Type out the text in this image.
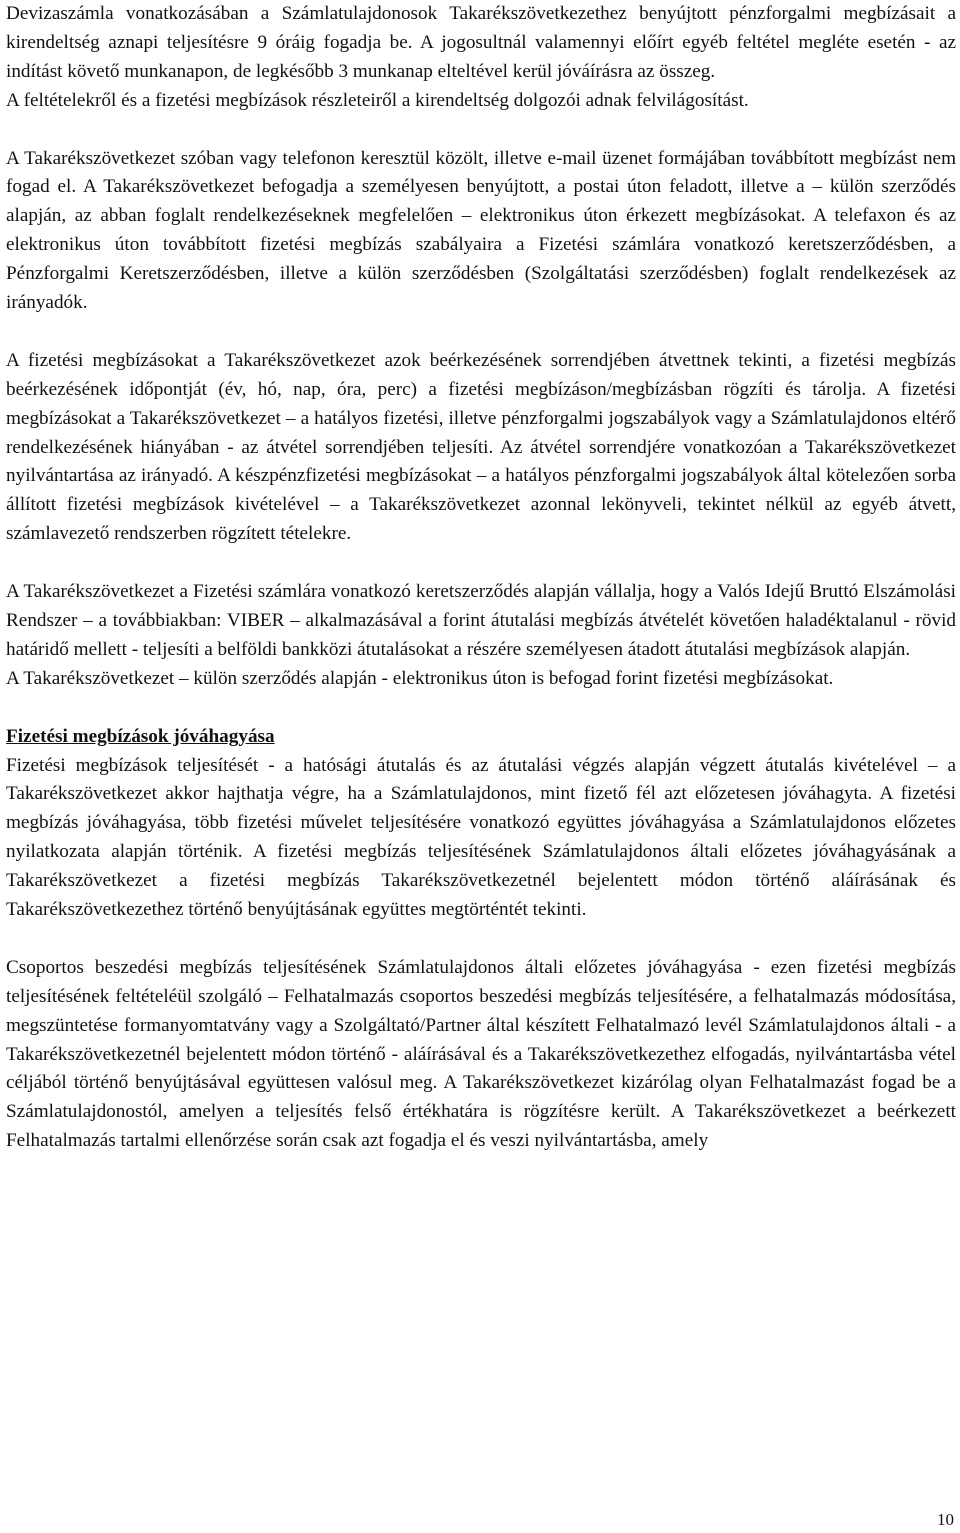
Devizaszámla vonatkozásában a Számlatulajdonosok Takarékszövetkezethez benyújtott pénzforgalmi megbízásait a kirendeltség aznapi teljesítésre 9 óráig fogadja be. A jogosultnál valamennyi előírt egyéb feltétel megléte esetén - az indítást követő munkanapon, de legkésőbb 3 munkanap elteltével kerül jóváírásra az összeg.

A feltételekről és a fizetési megbízások részleteiről a kirendeltség dolgozói adnak felvilágosítást.

A Takarékszövetkezet szóban vagy telefonon keresztül közölt, illetve e-mail üzenet formájában továbbított megbízást nem fogad el. A Takarékszövetkezet befogadja a személyesen benyújtott, a postai úton feladott, illetve a – külön szerződés alapján, az abban foglalt rendelkezéseknek megfelelően – elektronikus úton érkezett megbízásokat. A telefaxon és az elektronikus úton továbbított fizetési megbízás szabályaira a Fizetési számlára vonatkozó keretszerződésben, a Pénzforgalmi Keretszerződésben, illetve a külön szerződésben (Szolgáltatási szerződésben) foglalt rendelkezések az irányadók.

A fizetési megbízásokat a Takarékszövetkezet azok beérkezésének sorrendjében átvettnek tekinti, a fizetési megbízás beérkezésének időpontját (év, hó, nap, óra, perc) a fizetési megbízáson/megbízásban rögzíti és tárolja. A fizetési megbízásokat a Takarékszövetkezet – a hatályos fizetési, illetve pénzforgalmi jogszabályok vagy a Számlatulajdonos eltérő rendelkezésének hiányában - az átvétel sorrendjében teljesíti. Az átvétel sorrendjére vonatkozóan a Takarékszövetkezet nyilvántartása az irányadó. A készpénzfizetési megbízásokat – a hatályos pénzforgalmi jogszabályok által kötelezően sorba állított fizetési megbízások kivételével – a Takarékszövetkezet azonnal lekönyveli, tekintet nélkül az egyéb átvett, számlavezető rendszerben rögzített tételekre.

A Takarékszövetkezet a Fizetési számlára vonatkozó keretszerződés alapján vállalja, hogy a Valós Idejű Bruttó Elszámolási Rendszer – a továbbiakban: VIBER – alkalmazásával a forint átutalási megbízás átvételét követően haladéktalanul - rövid határidő mellett - teljesíti a belföldi bankközi átutalásokat a részére személyesen átadott átutalási megbízások alapján.

A Takarékszövetkezet – külön szerződés alapján - elektronikus úton is befogad forint fizetési megbízásokat.

Fizetési megbízások jóváhagyása

Fizetési megbízások teljesítését - a hatósági átutalás és az átutalási végzés alapján végzett átutalás kivételével – a Takarékszövetkezet akkor hajthatja végre, ha a Számlatulajdonos, mint fizető fél azt előzetesen jóváhagyta. A fizetési megbízás jóváhagyása, több fizetési művelet teljesítésére vonatkozó együttes jóváhagyása a Számlatulajdonos előzetes nyilatkozata alapján történik. A fizetési megbízás teljesítésének Számlatulajdonos általi előzetes jóváhagyásának a Takarékszövetkezet a fizetési megbízás Takarékszövetkezetnél bejelentett módon történő aláírásának és Takarékszövetkezethez történő benyújtásának együttes megtörténtét tekinti.

Csoportos beszedési megbízás teljesítésének Számlatulajdonos általi előzetes jóváhagyása - ezen fizetési megbízás teljesítésének feltételéül szolgáló – Felhatalmazás csoportos beszedési megbízás teljesítésére, a felhatalmazás módosítása, megszüntetése formanyomtatvány vagy a Szolgáltató/Partner által készített Felhatalmazó levél Számlatulajdonos általi - a Takarékszövetkezetnél bejelentett módon történő - aláírásával és a Takarékszövetkezethez elfogadás, nyilvántartásba vétel céljából történő benyújtásával együttesen valósul meg. A Takarékszövetkezet kizárólag olyan Felhatalmazást fogad be a Számlatulajdonostól, amelyen a teljesítés felső értékhatára is rögzítésre került. A Takarékszövetkezet a beérkezett Felhatalmazás tartalmi ellenőrzése során csak azt fogadja el és veszi nyilvántartásba, amely

10
